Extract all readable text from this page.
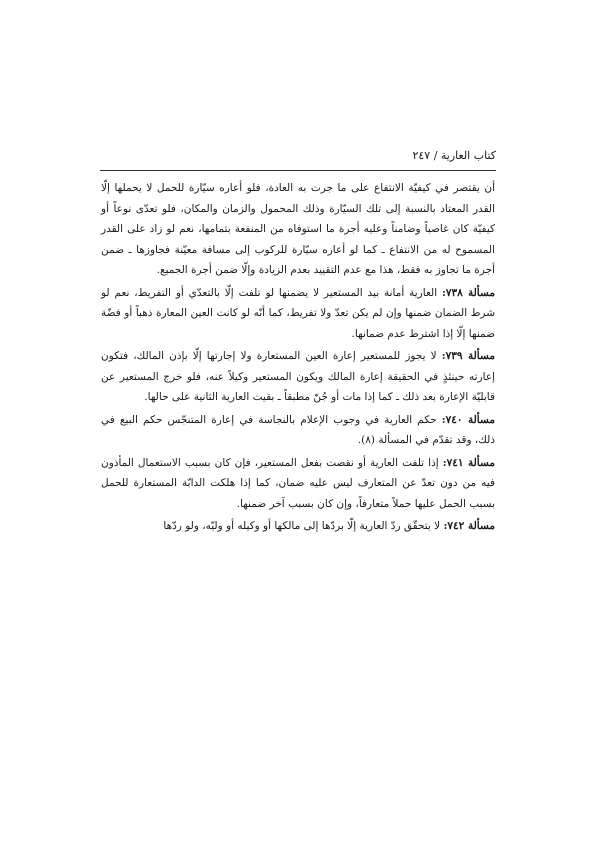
كتاب العارية / ٢٤٧

أن يقتصر في كيفيّة الانتفاع على ما جرت به العادة، فلو أعاره سيّارة للحمل لا يحملها إلّا القدر المعتاد بالنسبة إلى تلك السيّارة وذلك المحمول والزمان والمكان، فلو تعدّى نوعاً أو كيفيّة كان غاصباً وضامناً وعليه أجرة ما استوفاه من المنفعة بتمامها، نعم لو زاد على القدر المسموح له من الانتفاع ـ كما لو أعاره سيّارة للركوب إلى مسافة معيّنة فجاوزها ـ ضمن أجرة ما تجاوز به فقط، هذا مع عدم التقييد بعدم الزيادة وإلّا ضمن أجرة الجميع.

مسألة ٧٣٨: العارية أمانة بيد المستعير لا يضمنها لو تلفت إلّا بالتعدّي أو التفريط، نعم لو شرط الضمان ضمنها وإن لم يكن تعدّ ولا تفريط، كما أنّه لو كانت العين المعارة ذهباً أو فضّة ضمنها إلّا إذا اشترط عدم ضمانها.

مسألة ٧٣٩: لا يجوز للمستعير إعارة العين المستعارة ولا إجارتها إلّا بإذن المالك، فتكون إعارته حينئذٍ في الحقيقة إعارة المالك ويكون المستعير وكيلاً عنه، فلو خرج المستعير عن قابليّة الإعارة بعد ذلك ـ كما إذا مات أو جُنّ مطبقاً ـ بقيت العارية الثانية على حالها.

مسألة ٧٤٠: حكم العارية في وجوب الإعلام بالنجاسة في إعارة المتنجّس حكم البيع في ذلك، وقد تقدّم في المسألة (٨).

مسألة ٧٤١: إذا تلفت العارية أو نقصت بفعل المستعير، فإن كان بسبب الاستعمال المأذون فيه من دون تعدّ عن المتعارف ليس عليه ضمان، كما إذا هلكت الدابّة المستعارة للحمل بسبب الحمل عليها حملاً متعارفاً، وإن كان بسبب آخر ضمنها.

مسألة ٧٤٢: لا يتحقّق ردّ العارية إلّا بردّها إلى مالكها أو وكيله أو وليّه، ولو ردّها
